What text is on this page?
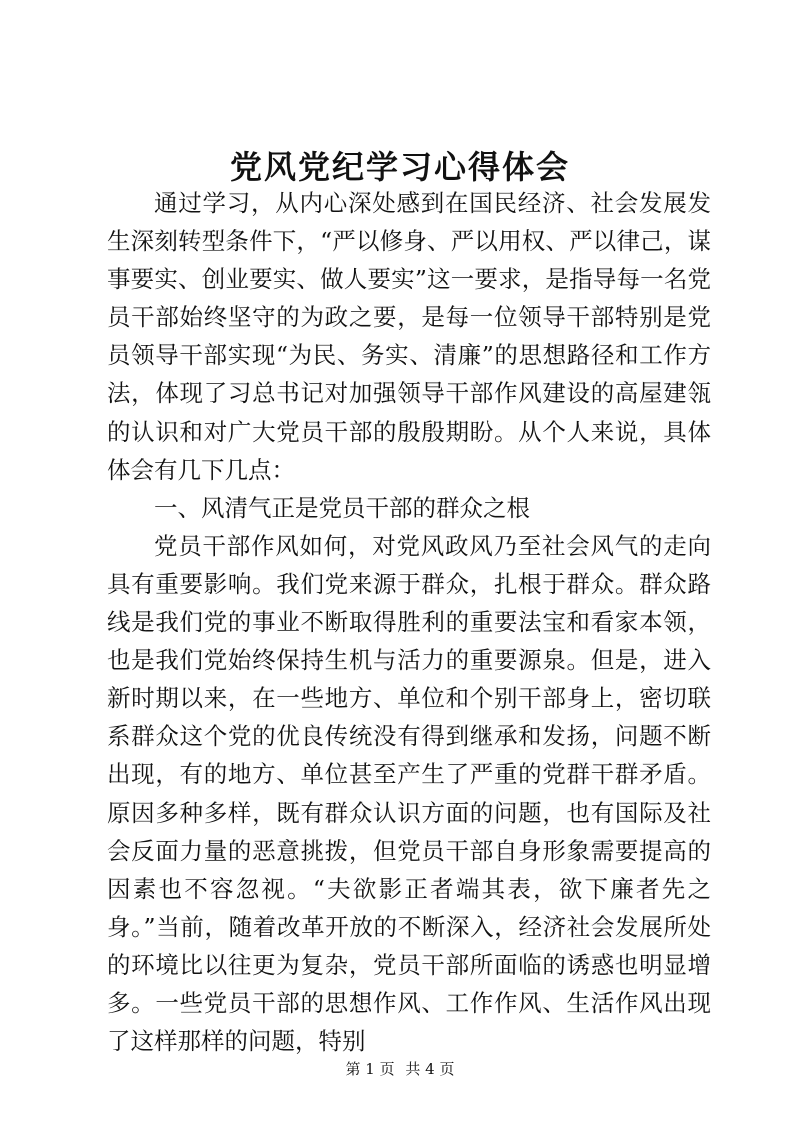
党风党纪学习心得体会

通过学习，从内心深处感到在国民经济、社会发展发生深刻转型条件下，“严以修身、严以用权、严以律己，谋事要实、创业要实、做人要实”这一要求，是指导每一名党员干部始终坚守的为政之要，是每一位领导干部特别是党员领导干部实现“为民、务实、清廉”的思想路径和工作方法，体现了习总书记对加强领导干部作风建设的高屋建瓴的认识和对广大党员干部的殷殷期盼。从个人来说，具体体会有几下几点：

一、风清气正是党员干部的群众之根

党员干部作风如何，对党风政风乃至社会风气的走向具有重要影响。我们党来源于群众，扎根于群众。群众路线是我们党的事业不断取得胜利的重要法宝和看家本领，也是我们党始终保持生机与活力的重要源泉。但是，进入新时期以来，在一些地方、单位和个别干部身上，密切联系群众这个党的优良传统没有得到继承和发扬，问题不断出现，有的地方、单位甚至产生了严重的党群干群矛盾。原因多种多样，既有群众认识方面的问题，也有国际及社会反面力量的恶意挑拨，但党员干部自身形象需要提高的因素也不容忽视。“夫欲影正者端其表，欲下廉者先之身。”当前，随着改革开放的不断深入，经济社会发展所处的环境比以往更为复杂，党员干部所面临的诱惑也明显增多。一些党员干部的思想作风、工作作风、生活作风出现了这样那样的问题，特别

第 1 页 共 4 页
